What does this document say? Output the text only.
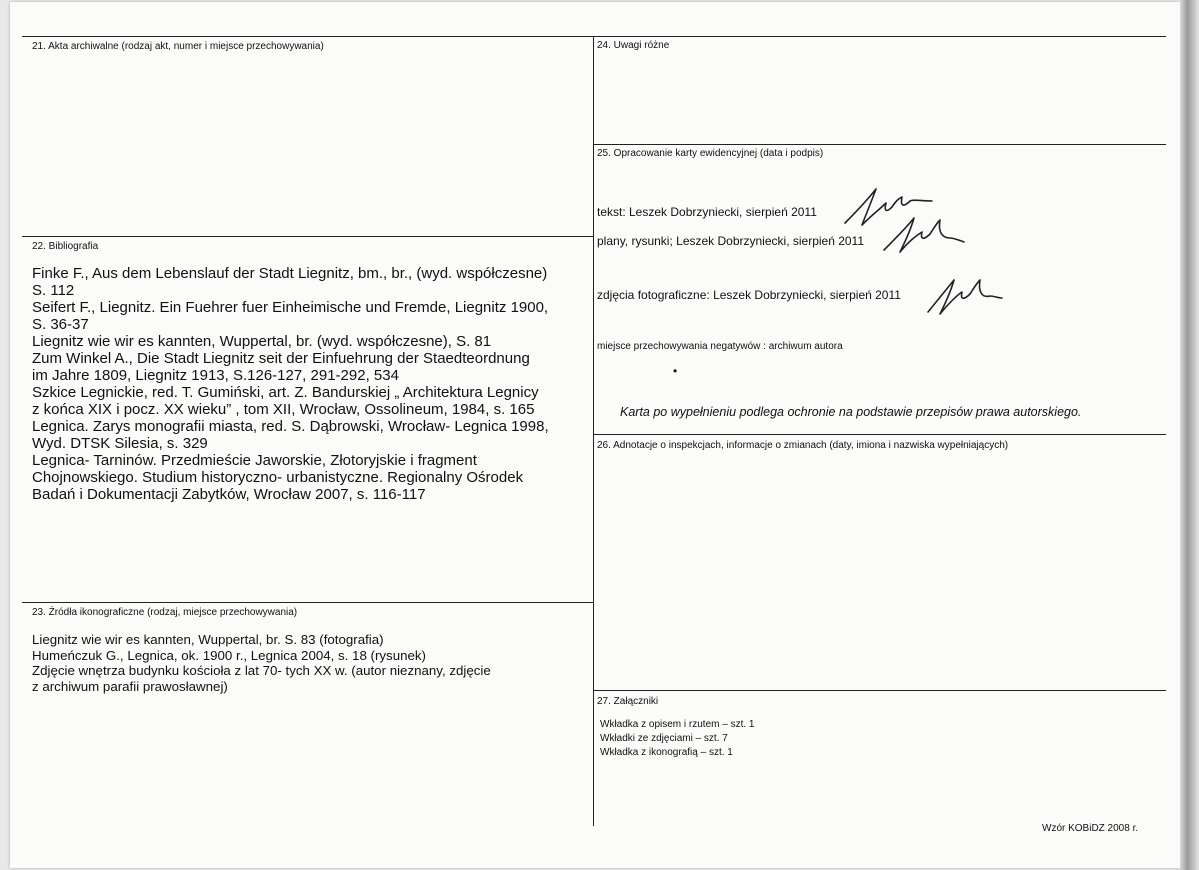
21. Akta archiwalne (rodzaj akt, numer i miejsce przechowywania)
22. Bibliografia
Finke F., Aus dem Lebenslauf der Stadt Liegnitz, bm., br., (wyd. współczesne)
S. 112
Seifert F., Liegnitz. Ein Fuehrer fuer Einheimische und Fremde, Liegnitz 1900,
S. 36-37
Liegnitz wie wir es kannten, Wuppertal, br. (wyd. współczesne), S. 81
Zum Winkel A., Die Stadt Liegnitz seit der Einfuehrung der Staedteordnung
im Jahre 1809, Liegnitz 1913, S.126-127, 291-292, 534
Szkice Legnickie, red. T. Gumiński, art. Z. Bandurskiej „ Architektura Legnicy
z końca XIX i pocz. XX wieku” , tom XII, Wrocław, Ossolineum, 1984, s. 165
Legnica. Zarys monografii miasta, red. S. Dąbrowski, Wrocław- Legnica 1998,
Wyd. DTSK Silesia, s. 329
Legnica- Tarninów. Przedmieście Jaworskie, Złotoryjskie i fragment
Chojnowskiego. Studium historyczno- urbanistyczne. Regionalny Ośrodek
Badań i Dokumentacji Zabytków, Wrocław 2007, s. 116-117
23. Źródła ikonograficzne (rodzaj, miejsce przechowywania)
Liegnitz wie wir es kannten, Wuppertal, br. S. 83 (fotografia)
Humeńczuk G., Legnica, ok. 1900 r., Legnica 2004, s. 18 (rysunek)
Zdjęcie wnętrza budynku kościoła z lat 70- tych XX w. (autor nieznany, zdjęcie
z archiwum parafii prawosławnej)
24. Uwagi różne
25. Opracowanie karty ewidencyjnej (data i podpis)
tekst: Leszek Dobrzyniecki, sierpień 2011
plany, rysunki; Leszek Dobrzyniecki, sierpień 2011
zdjęcia fotograficzne: Leszek Dobrzyniecki, sierpień 2011
miejsce przechowywania negatywów : archiwum autora
Karta po wypełnieniu podlega ochronie na podstawie przepisów prawa autorskiego.
•
26. Adnotacje o inspekcjach, informacje o zmianach (daty, imiona i nazwiska wypełniających)
27. Załączniki
Wkładka z opisem i rzutem – szt. 1
Wkładki ze zdjęciami – szt. 7
Wkładka z ikonografią – szt. 1
Wzór KOBiDZ 2008 r.
